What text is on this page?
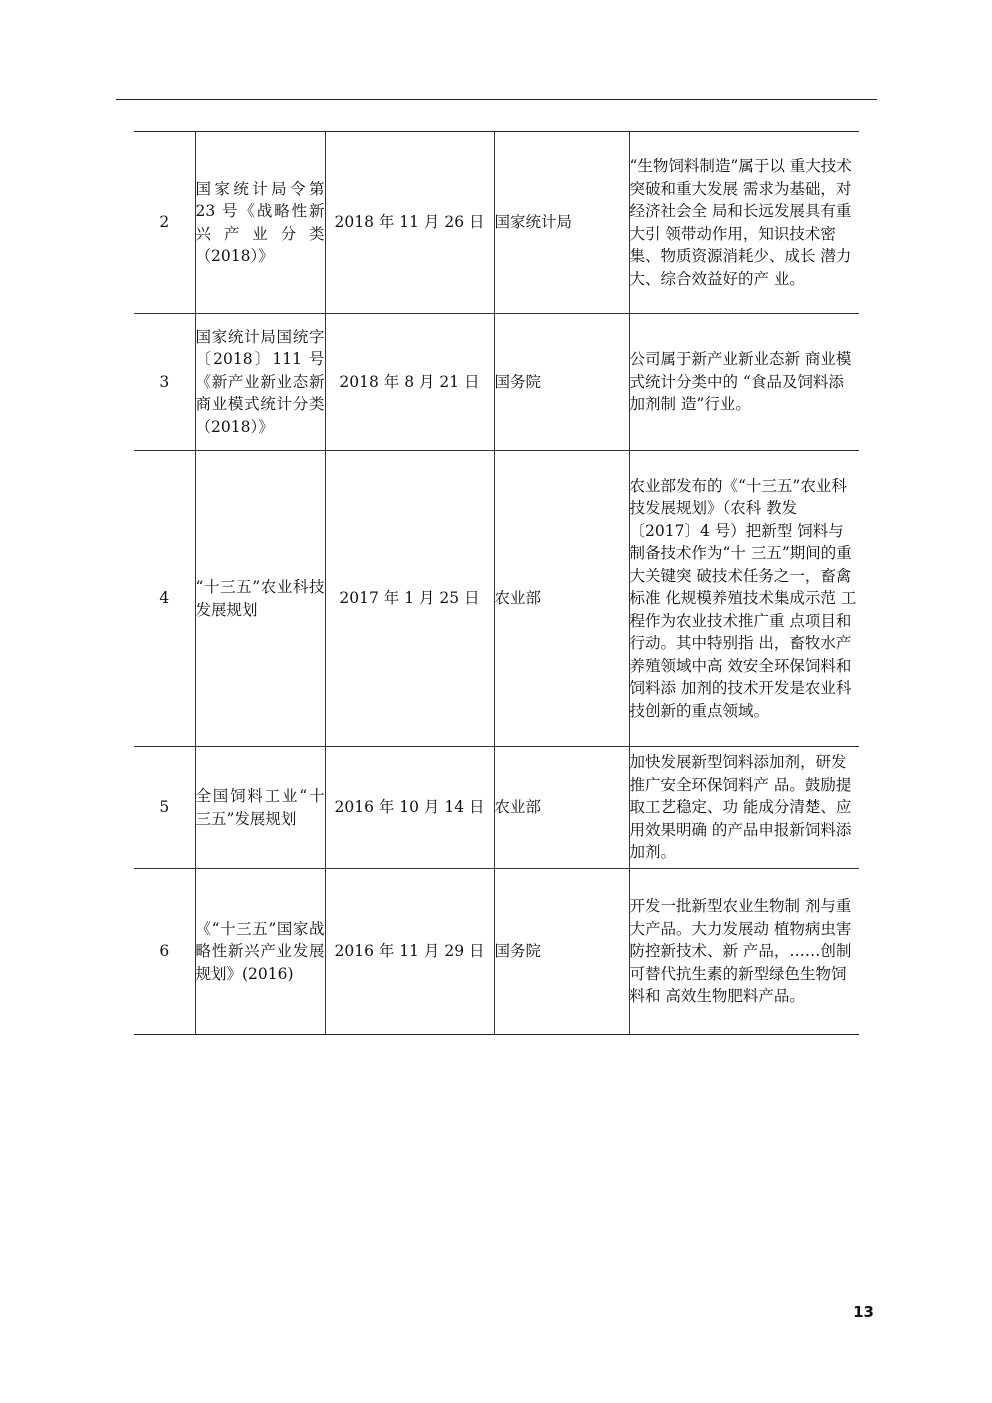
2	国家统计局令第 23 号《战略性新兴产业分类（2018）》	2018 年 11 月 26 日	国家统计局	“生物饲料制造”属于以 重大技术突破和重大发展 需求为基础，对经济社会全 局和长远发展具有重大引 领带动作用，知识技术密 集、物质资源消耗少、成长 潜力大、综合效益好的产 业。
3	国家统计局国统字〔2018〕111 号《新产业新业态新商业模式统计分类（2018）》	2018 年 8 月 21 日	国务院	公司属于新产业新业态新 商业模式统计分类中的 “食品及饲料添加剂制 造”行业。
4	“十三五”农业科技发展规划	2017 年 1 月 25 日	农业部	农业部发布的《“十三五”农业科技发展规划》（农科 教发〔2017〕4 号）把新型 饲料与制备技术作为“十 三五”期间的重大关键突 破技术任务之一，畜禽标准 化规模养殖技术集成示范 工程作为农业技术推广重 点项目和行动。其中特别指 出，畜牧水产养殖领域中高 效安全环保饲料和饲料添 加剂的技术开发是农业科 技创新的重点领域。
5	全国饲料工业“十三五”发展规划	2016 年 10 月 14 日	农业部	加快发展新型饲料添加剂，研发推广安全环保饲料产 品。鼓励提取工艺稳定、功 能成分清楚、应用效果明确 的产品申报新饲料添加剂。
6	《“十三五”国家战略性新兴产业发展规划》(2016)	2016 年 11 月 29 日	国务院	开发一批新型农业生物制 剂与重大产品。大力发展动 植物病虫害防控新技术、新 产品，……创制可替代抗生素的新型绿色生物饲料和 高效生物肥料产品。
13
